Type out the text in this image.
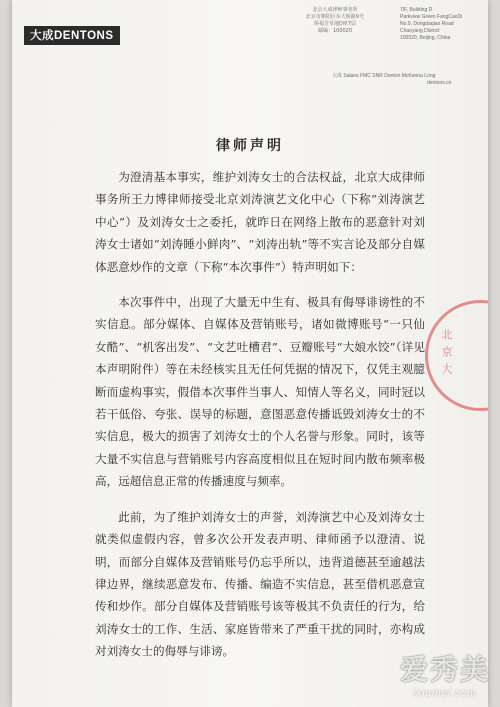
大成DENTONS
北京大成律师事务所
北京市朝阳区东大桥路9号
侨福芳草地D座7层
邮编：100020
7/F, Building D
Parkview Green FangCaoDi
No.9, Dongdaqiao Road
Chaoyang District
100020, Beijing, China
大成 Salans FMC SNR Denton McKenna Long
dentons.cn
律师声明

为澄清基本事实，维护刘涛女士的合法权益，北京大成律师事务所王力博律师接受北京刘涛演艺文化中心（下称“刘涛演艺中心”）及刘涛女士之委托，就昨日在网络上散布的恶意针对刘涛女士诸如“刘涛睡小鲜肉”、“刘涛出轨”等不实言论及部分自媒体恶意炒作的文章（下称“本次事件”）特声明如下：

本次事件中，出现了大量无中生有、极具有侮辱诽谤性的不实信息。部分媒体、自媒体及营销账号，诸如微博账号“一只仙女酷”、“机客出发”、“文艺吐槽君”、豆瓣账号“大娘水饺”（详见本声明附件）等在未经核实且无任何凭据的情况下，仅凭主观臆断而虚构事实，假借本次事件当事人、知情人等名义，同时冠以若干低俗、夸张、误导的标题，意图恶意传播诋毁刘涛女士的不实信息，极大的损害了刘涛女士的个人名誉与形象。同时，该等大量不实信息与营销账号内容高度相似且在短时间内散布频率极高，远超信息正常的传播速度与频率。

此前，为了维护刘涛女士的声誉，刘涛演艺中心及刘涛女士就类似虚假内容，曾多次公开发表声明、律师函予以澄清、说明，而部分自媒体及营销账号仍忘乎所以，违背道德甚至逾越法律边界，继续恶意发布、传播、编造不实信息，甚至借机恶意宣传和炒作。部分自媒体及营销账号该等极其不负责任的行为，给刘涛女士的工作、生活、家庭皆带来了严重干扰的同时，亦构成对刘涛女士的侮辱与诽谤。

北京大
爱秀美
ixiumei.com
